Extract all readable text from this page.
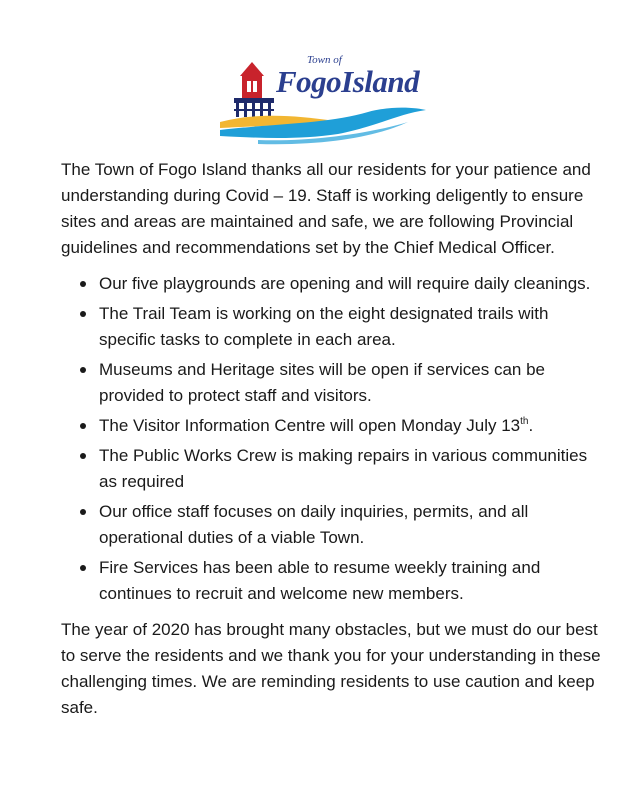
Town of
FogoIsland

The Town of Fogo Island thanks all our residents for your patience and understanding during Covid – 19. Staff is working deligently to ensure sites and areas are maintained and safe, we are following Provincial guidelines and recommendations set by the Chief Medical Officer.

Our five playgrounds are opening and will require daily cleanings.
The Trail Team is working on the eight designated trails with specific tasks to complete in each area.
Museums and Heritage sites will be open if services can be provided to protect staff and visitors.
The Visitor Information Centre will open Monday July 13th.
The Public Works Crew is making repairs in various communities as required
Our office staff focuses on daily inquiries, permits, and all operational duties of a viable Town.
Fire Services has been able to resume weekly training and continues to recruit and welcome new members.

The year of 2020 has brought many obstacles, but we must do our best to serve the residents and we thank you for your understanding in these challenging times. We are reminding residents to use caution and keep safe.
